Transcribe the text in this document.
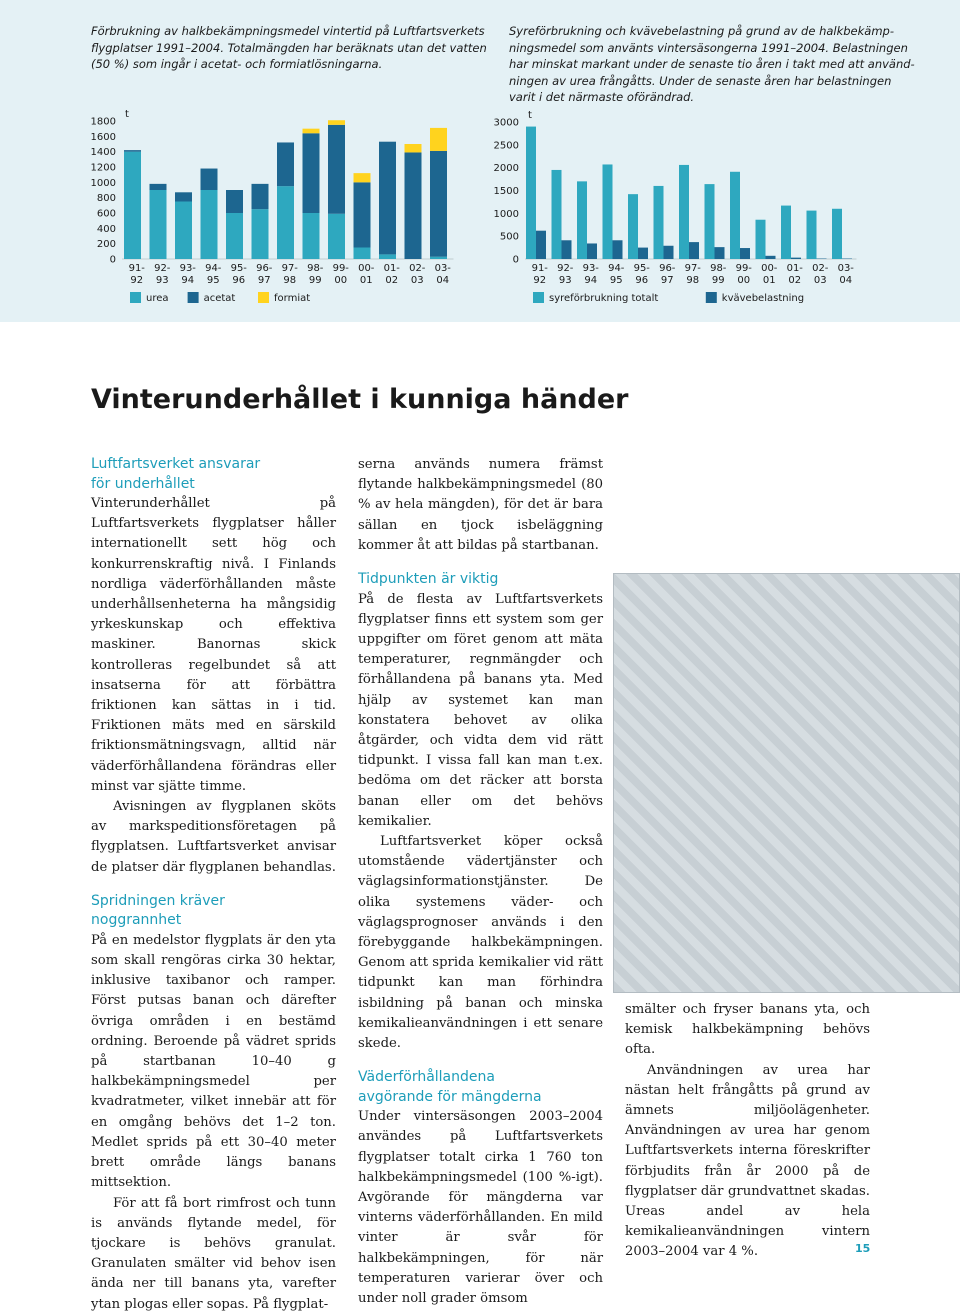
Förbrukning av halkbekämpningsmedel vintertid på Luftfartsverkets
flygplatser 1991–2004. Totalmängden har beräknats utan det vatten
(50 %) som ingår i acetat- och formiatlösningarna.
Syreförbrukning och kvävebelastning på grund av de halkbekämp-
ningsmedel som använts vintersäsongerna 1991–2004. Belastningen
har minskat markant under de senaste tio åren i takt med att använd-
ningen av urea frångåtts. Under de senaste åren har belastningen
varit i det närmaste oförändrad.
0
200
400
600
800
1000
1200
1400
1600
1800
t
91-
92
92-
93
93-
94
94-
95
95-
96
96-
97
97-
98
98-
99
99-
00
00-
01
01-
02
02-
03
03-
04
urea	acetat	formiat
0
500
1000
1500
2000
2500
3000
t
91-
92
92-
93
93-
94
94-
95
95-
96
96-
97
97-
98
98-
99
99-
00
00-
01
01-
02
02-
03
03-
04
syreförbrukning totalt	kvävebelastning
Vinterunderhållet i kunniga händer
Luftfartsverket ansvarar
för underhållet

Vinterunderhållet på Luftfartsverkets flygplatser håller internationellt sett hög och konkurrenskraftig nivå. I Finlands nordliga väderförhållanden måste underhållsenheterna ha mångsidig yrkeskunskap och effektiva maskiner. Banornas skick kontrolleras regelbundet så att insatserna för att förbättra friktionen kan sättas in i tid. Friktionen mäts med en särskild friktionsmätningsvagn, alltid när väderförhållandena förändras eller minst var sjätte timme.

Avisningen av flygplanen sköts av markspeditionsföretagen på flygplatsen. Luftfartsverket anvisar de platser där flygplanen behandlas.

Spridningen kräver
noggrannhet

På en medelstor flygplats är den yta som skall rengöras cirka 30 hektar, inklusive taxibanor och ramper. Först putsas banan och därefter övriga områden i en bestämd ordning. Beroende på vädret sprids på startbanan 10–40 g halkbekämpningsmedel per kvadratmeter, vilket innebär att för en omgång behövs det 1–2 ton. Medlet sprids på ett 30–40 meter brett område längs banans mittsektion.

För att få bort rimfrost och tunn is används flytande medel, för tjockare is behövs granulat. Granulaten smälter vid behov isen ända ner till banans yta, varefter ytan plogas eller sopas. På flygplat-

serna används numera främst flytande halkbekämpningsmedel (80 % av hela mängden), för det är bara sällan en tjock isbeläggning kommer åt att bildas på startbanan.

Tidpunkten är viktig

På de flesta av Luftfartsverkets flygplatser finns ett system som ger uppgifter om föret genom att mäta temperaturer, regnmängder och förhållandena på banans yta. Med hjälp av systemet kan man konstatera behovet av olika åtgärder, och vidta dem vid rätt tidpunkt. I vissa fall kan man t.ex. bedöma om det räcker att borsta banan eller om det behövs kemikalier.

Luftfartsverket köper också utomstående vädertjänster och väglagsinformationstjänster. De olika systemens väder- och väglagsprognoser används i den förebyggande halkbekämpningen. Genom att sprida kemikalier vid rätt tidpunkt kan man förhindra isbildning på banan och minska kemikalieanvändningen i ett senare skede.

Väderförhållandena
avgörande för mängderna

Under vintersäsongen 2003–2004 användes på Luftfartsverkets flygplatser totalt cirka 1 760 ton halkbekämpningsmedel (100 %-igt). Avgörande för mängderna var vinterns väderförhållanden. En mild vinter är svår för halkbekämpningen, för när temperaturen varierar över och under noll grader ömsom

smälter och fryser banans yta, och kemisk halkbekämpning behövs ofta.

Användningen av urea har nästan helt frångåtts på grund av ämnets miljöolägenheter. Användningen av urea har genom Luftfartsverkets interna föreskrifter förbjudits från år 2000 på de flygplatser där grundvattnet skadas. Ureas andel av hela kemikalieanvändningen vintern 2003–2004 var 4 %.	15
